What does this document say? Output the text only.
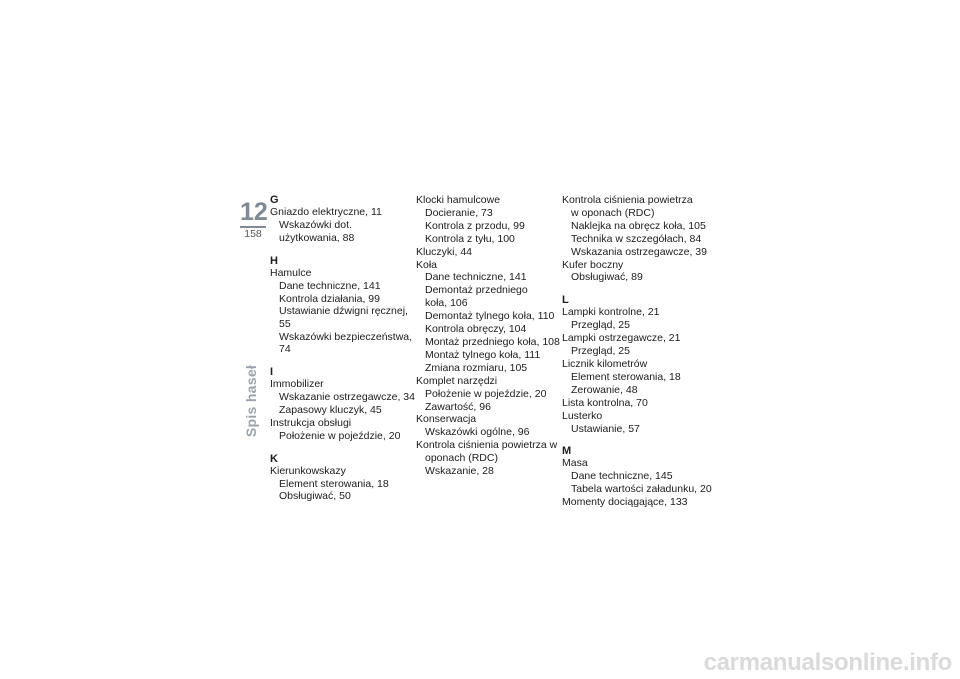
12
158
Spis haseł
G
Gniazdo elektryczne, 11
Wskazówki dot.
użytkowania, 88
H
Hamulce
Dane techniczne, 141
Kontrola działania, 99
Ustawianie dźwigni ręcznej, 55
Wskazówki bezpieczeństwa, 74
I
Immobilizer
Wskazanie ostrzegawcze, 34
Zapasowy kluczyk, 45
Instrukcja obsługi
Położenie w pojeździe, 20
K
Kierunkowskazy
Element sterowania, 18
Obsługiwać, 50
Klocki hamulcowe
Docieranie, 73
Kontrola z przodu, 99
Kontrola z tyłu, 100
Kluczyki, 44
Koła
Dane techniczne, 141
Demontaż przedniego
koła, 106
Demontaż tylnego koła, 110
Kontrola obręczy, 104
Montaż przedniego koła, 108
Montaż tylnego koła, 111
Zmiana rozmiaru, 105
Komplet narzędzi
Położenie w pojeździe, 20
Zawartość, 96
Konserwacja
Wskazówki ogólne, 96
Kontrola ciśnienia powietrza w
oponach (RDC)
Wskazanie, 28
Kontrola ciśnienia powietrza
w oponach (RDC)
Naklejka na obręcz koła, 105
Technika w szczegółach, 84
Wskazania ostrzegawcze, 39
Kufer boczny
Obsługiwać, 89
L
Lampki kontrolne, 21
Przegląd, 25
Lampki ostrzegawcze, 21
Przegląd, 25
Licznik kilometrów
Element sterowania, 18
Zerowanie, 48
Lista kontrolna, 70
Lusterko
Ustawianie, 57
M
Masa
Dane techniczne, 145
Tabela wartości załadunku, 20
Momenty dociągające, 133
carmanualsonline.info
